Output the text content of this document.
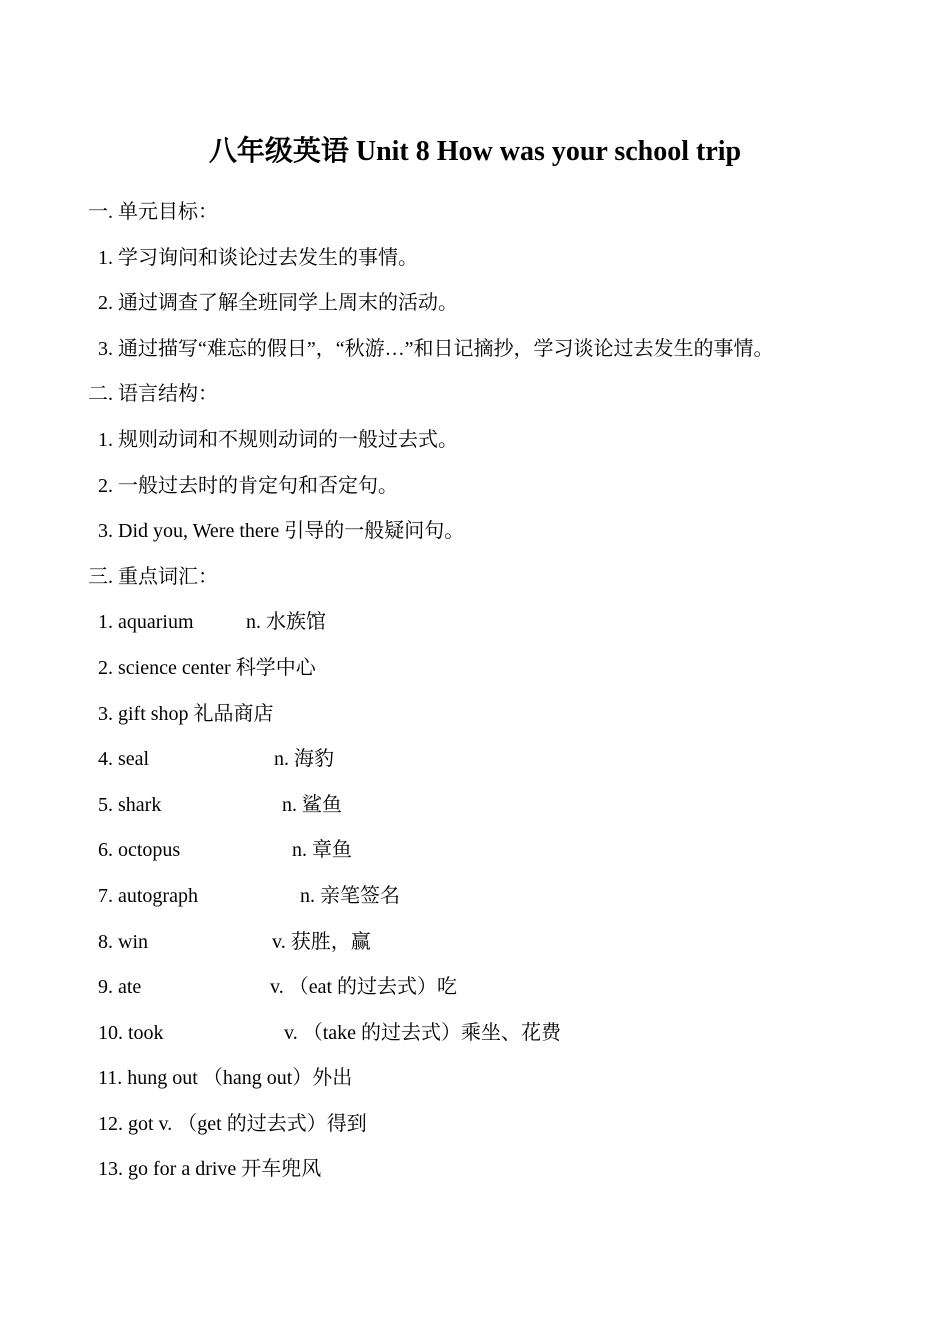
八年级英语 Unit 8 How was your school trip
一. 单元目标：
1. 学习询问和谈论过去发生的事情。
2. 通过调查了解全班同学上周末的活动。
3. 通过描写“难忘的假日”，“秋游…”和日记摘抄，学习谈论过去发生的事情。
二. 语言结构：
1. 规则动词和不规则动词的一般过去式。
2. 一般过去时的肯定句和否定句。
3. Did you, Were there 引导的一般疑问句。
三. 重点词汇：
1. aquarium	n. 水族馆
2. science center 科学中心
3. gift shop 礼品商店
4. seal	n. 海豹
5. shark	n. 鲨鱼
6. octopus	n. 章鱼
7. autograph	n. 亲笔签名
8. win	v. 获胜，赢
9. ate	v. （eat 的过去式）吃
10. took	v. （take 的过去式）乘坐、花费
11. hung out （hang out）外出
12. got v. （get 的过去式）得到
13. go for a drive 开车兜风
